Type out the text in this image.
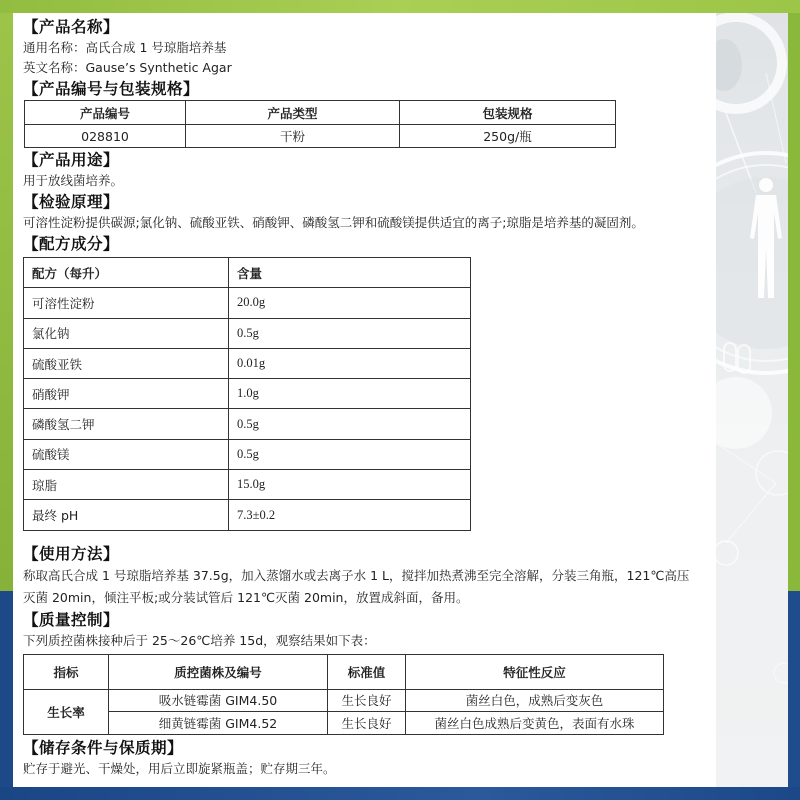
【产品名称】
通用名称：高氏合成 1 号琼脂培养基
英文名称：Gause’s Synthetic Agar
【产品编号与包装规格】
产品编号	产品类型	包装规格
028810	干粉	250g/瓶
【产品用途】
用于放线菌培养。
【检验原理】
可溶性淀粉提供碳源;氯化钠、硫酸亚铁、硝酸钾、磷酸氢二钾和硫酸镁提供适宜的离子;琼脂是培养基的凝固剂。
【配方成分】
配方（每升）	含量
可溶性淀粉	20.0g
氯化钠	0.5g
硫酸亚铁	0.01g
硝酸钾	1.0g
磷酸氢二钾	0.5g
硫酸镁	0.5g
琼脂	15.0g
最终 pH	7.3±0.2
【使用方法】
称取高氏合成 1 号琼脂培养基 37.5g，加入蒸馏水或去离子水 1 L，搅拌加热煮沸至完全溶解，分装三角瓶，121℃高压
灭菌 20min，倾注平板;或分装试管后 121℃灭菌 20min，放置成斜面，备用。
【质量控制】
下列质控菌株接种后于 25～26℃培养 15d，观察结果如下表：
指标	质控菌株及编号	标准值	特征性反应
生长率	吸水链霉菌 GIM4.50	生长良好	菌丝白色，成熟后变灰色
	细黄链霉菌 GIM4.52	生长良好	菌丝白色成熟后变黄色，表面有水珠
【储存条件与保质期】
贮存于避光、干燥处，用后立即旋紧瓶盖；贮存期三年。
